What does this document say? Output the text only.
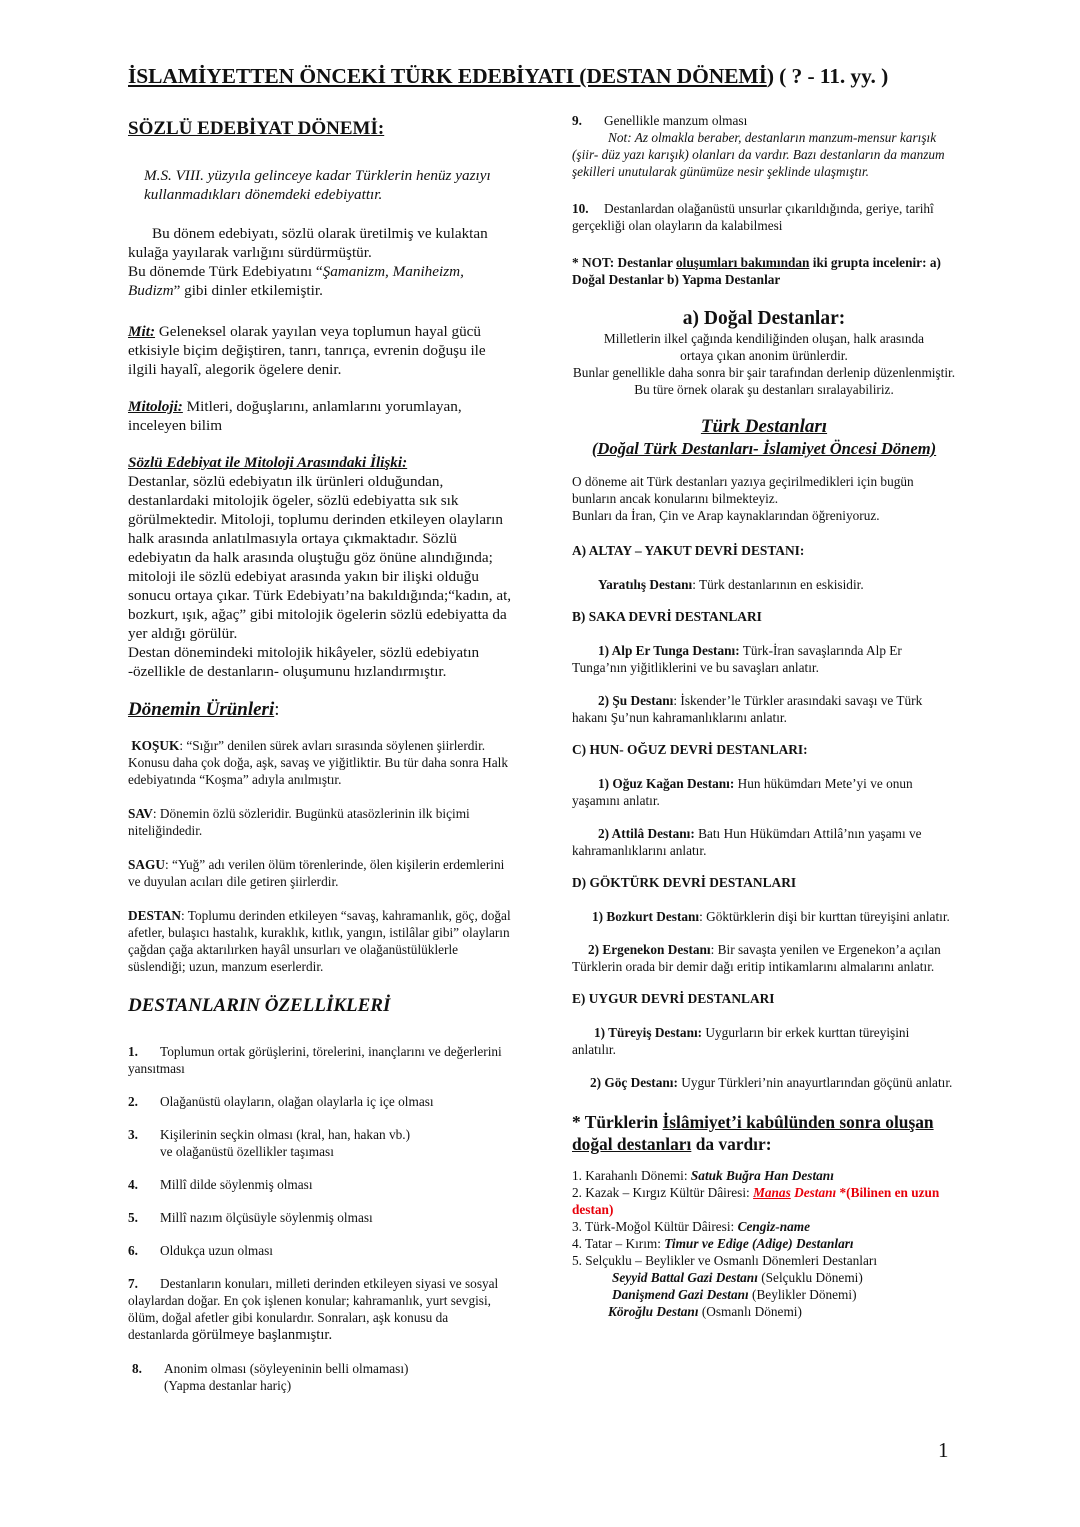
İSLAMİYETTEN ÖNCEKİ TÜRK EDEBİYATI (DESTAN DÖNEMİ) ( ? - 11. yy. )

SÖZLÜ EDEBİYAT DÖNEMİ:

M.S. VIII. yüzyıla gelinceye kadar Türklerin henüz yazıyı kullanmadıkları dönemdeki edebiyattır.

Bu dönem edebiyatı, sözlü olarak üretilmiş ve kulaktan kulağa yayılarak varlığını sürdürmüştür.

Bu dönemde Türk Edebiyatını “Şamanizm, Maniheizm, Budizm” gibi dinler etkilemiştir.

Mit: Geleneksel olarak yayılan veya toplumun hayal gücü etkisiyle biçim değiştiren, tanrı, tanrıça, evrenin doğuşu ile ilgili hayalî, alegorik ögelere denir.

Mitoloji: Mitleri, doğuşlarını, anlamlarını yorumlayan, inceleyen bilim

Sözlü Edebiyat ile Mitoloji Arasındaki İlişki:

Destanlar, sözlü edebiyatın ilk ürünleri olduğundan, destanlardaki mitolojik ögeler, sözlü edebiyatta sık sık görülmektedir. Mitoloji, toplumu derinden etkileyen olayların halk arasında anlatılmasıyla ortaya çıkmaktadır. Sözlü edebiyatın da halk arasında oluştuğu göz önüne alındığında; mitoloji ile sözlü edebiyat arasında yakın bir ilişki olduğu sonucu ortaya çıkar. Türk Edebiyatı’na bakıldığında;“kadın, at, bozkurt, ışık, ağaç” gibi mitolojik ögelerin sözlü edebiyatta da yer aldığı görülür.

Destan dönemindeki mitolojik hikâyeler, sözlü edebiyatın -özellikle de destanların- oluşumunu hızlandırmıştır.

Dönemin Ürünleri:

KOŞUK: “Sığır” denilen sürek avları sırasında söylenen şiirlerdir. Konusu daha çok doğa, aşk, savaş ve yiğitliktir. Bu tür daha sonra Halk edebiyatında “Koşma” adıyla anılmıştır.

SAV: Dönemin özlü sözleridir. Bugünkü atasözlerinin ilk biçimi niteliğindedir.

SAGU: “Yuğ” adı verilen ölüm törenlerinde, ölen kişilerin erdemlerini ve duyulan acıları dile getiren şiirlerdir.

DESTAN: Toplumu derinden etkileyen “savaş, kahramanlık, göç, doğal afetler, bulaşıcı hastalık, kuraklık, kıtlık, yangın, istilâlar gibi” olayların çağdan çağa aktarılırken hayâl unsurları ve olağanüstülüklerle süslendiği; uzun, manzum eserlerdir.

DESTANLARIN ÖZELLİKLERİ

1. Toplumun ortak görüşlerini, törelerini, inançlarını ve değerlerini yansıtması

2. Olağanüstü olayların, olağan olaylarla iç içe olması

3. Kişilerinin seçkin olması (kral, han, hakan vb.)
ve olağanüstü özellikler taşıması

4. Millî dilde söylenmiş olması

5. Millî nazım ölçüsüyle söylenmiş olması

6. Oldukça uzun olması

7. Destanların konuları, milleti derinden etkileyen siyasi ve sosyal olaylardan doğar. En çok işlenen konular; kahramanlık, yurt sevgisi, ölüm, doğal afetler gibi konulardır. Sonraları, aşk konusu da destanlarda görülmeye başlanmıştır.

8. Anonim olması (söyleyeninin belli olmaması)
(Yapma destanlar hariç)

9. Genellikle manzum olması

Not: Az olmakla beraber, destanların manzum-mensur karışık (şiir- düz yazı karışık) olanları da vardır. Bazı destanların da manzum şekilleri unutularak günümüze nesir şeklinde ulaşmıştır.

10. Destanlardan olağanüstü unsurlar çıkarıldığında, geriye, tarihî gerçekliği olan olayların da kalabilmesi

* NOT: Destanlar oluşumları bakımından iki grupta incelenir: a) Doğal Destanlar b) Yapma Destanlar

a) Doğal Destanlar:

Milletlerin ilkel çağında kendiliğinden oluşan, halk arasında ortaya çıkan anonim ürünlerdir.

Bunlar genellikle daha sonra bir şair tarafından derlenip düzenlenmiştir. Bu türe örnek olarak şu destanları sıralayabiliriz.

Türk Destanları

(Doğal Türk Destanları- İslamiyet Öncesi Dönem)

O döneme ait Türk destanları yazıya geçirilmedikleri için bugün bunların ancak konularını bilmekteyiz.

Bunları da İran, Çin ve Arap kaynaklarından öğreniyoruz.

A) ALTAY – YAKUT DEVRİ DESTANI:

Yaratılış Destanı: Türk destanlarının en eskisidir.

B) SAKA DEVRİ DESTANLARI

1) Alp Er Tunga Destanı: Türk-İran savaşlarında Alp Er Tunga’nın yiğitliklerini ve bu savaşları anlatır.

2) Şu Destanı: İskender’le Türkler arasındaki savaşı ve Türk hakanı Şu’nun kahramanlıklarını anlatır.

C) HUN- OĞUZ DEVRİ DESTANLARI:

1) Oğuz Kağan Destanı: Hun hükümdarı Mete’yi ve onun yaşamını anlatır.

2) Attilâ Destanı: Batı Hun Hükümdarı Attilâ’nın yaşamı ve kahramanlıklarını anlatır.

D) GÖKTÜRK DEVRİ DESTANLARI

1) Bozkurt Destanı: Göktürklerin dişi bir kurttan türeyişini anlatır.

2) Ergenekon Destanı: Bir savaşta yenilen ve Ergenekon’a açılan Türklerin orada bir demir dağı eritip intikamlarını almalarını anlatır.

E) UYGUR DEVRİ DESTANLARI

1) Türeyiş Destanı: Uygurların bir erkek kurttan türeyişini anlatılır.

2) Göç Destanı: Uygur Türkleri’nin anayurtlarından göçünü anlatır.

* Türklerin İslâmiyet’i kabûlünden sonra oluşan
doğal destanları da vardır:

1. Karahanlı Dönemi: Satuk Buğra Han Destanı

2. Kazak – Kırgız Kültür Dâiresi: Manas Destanı *(Bilinen en uzun destan)

3. Türk-Moğol Kültür Dâiresi: Cengiz-name

4. Tatar – Kırım: Timur ve Edige (Adige) Destanları

5. Selçuklu – Beylikler ve Osmanlı Dönemleri Destanları

Seyyid Battal Gazi Destanı (Selçuklu Dönemi)

Danişmend Gazi Destanı (Beylikler Dönemi)

Köroğlu Destanı (Osmanlı Dönemi)

1
